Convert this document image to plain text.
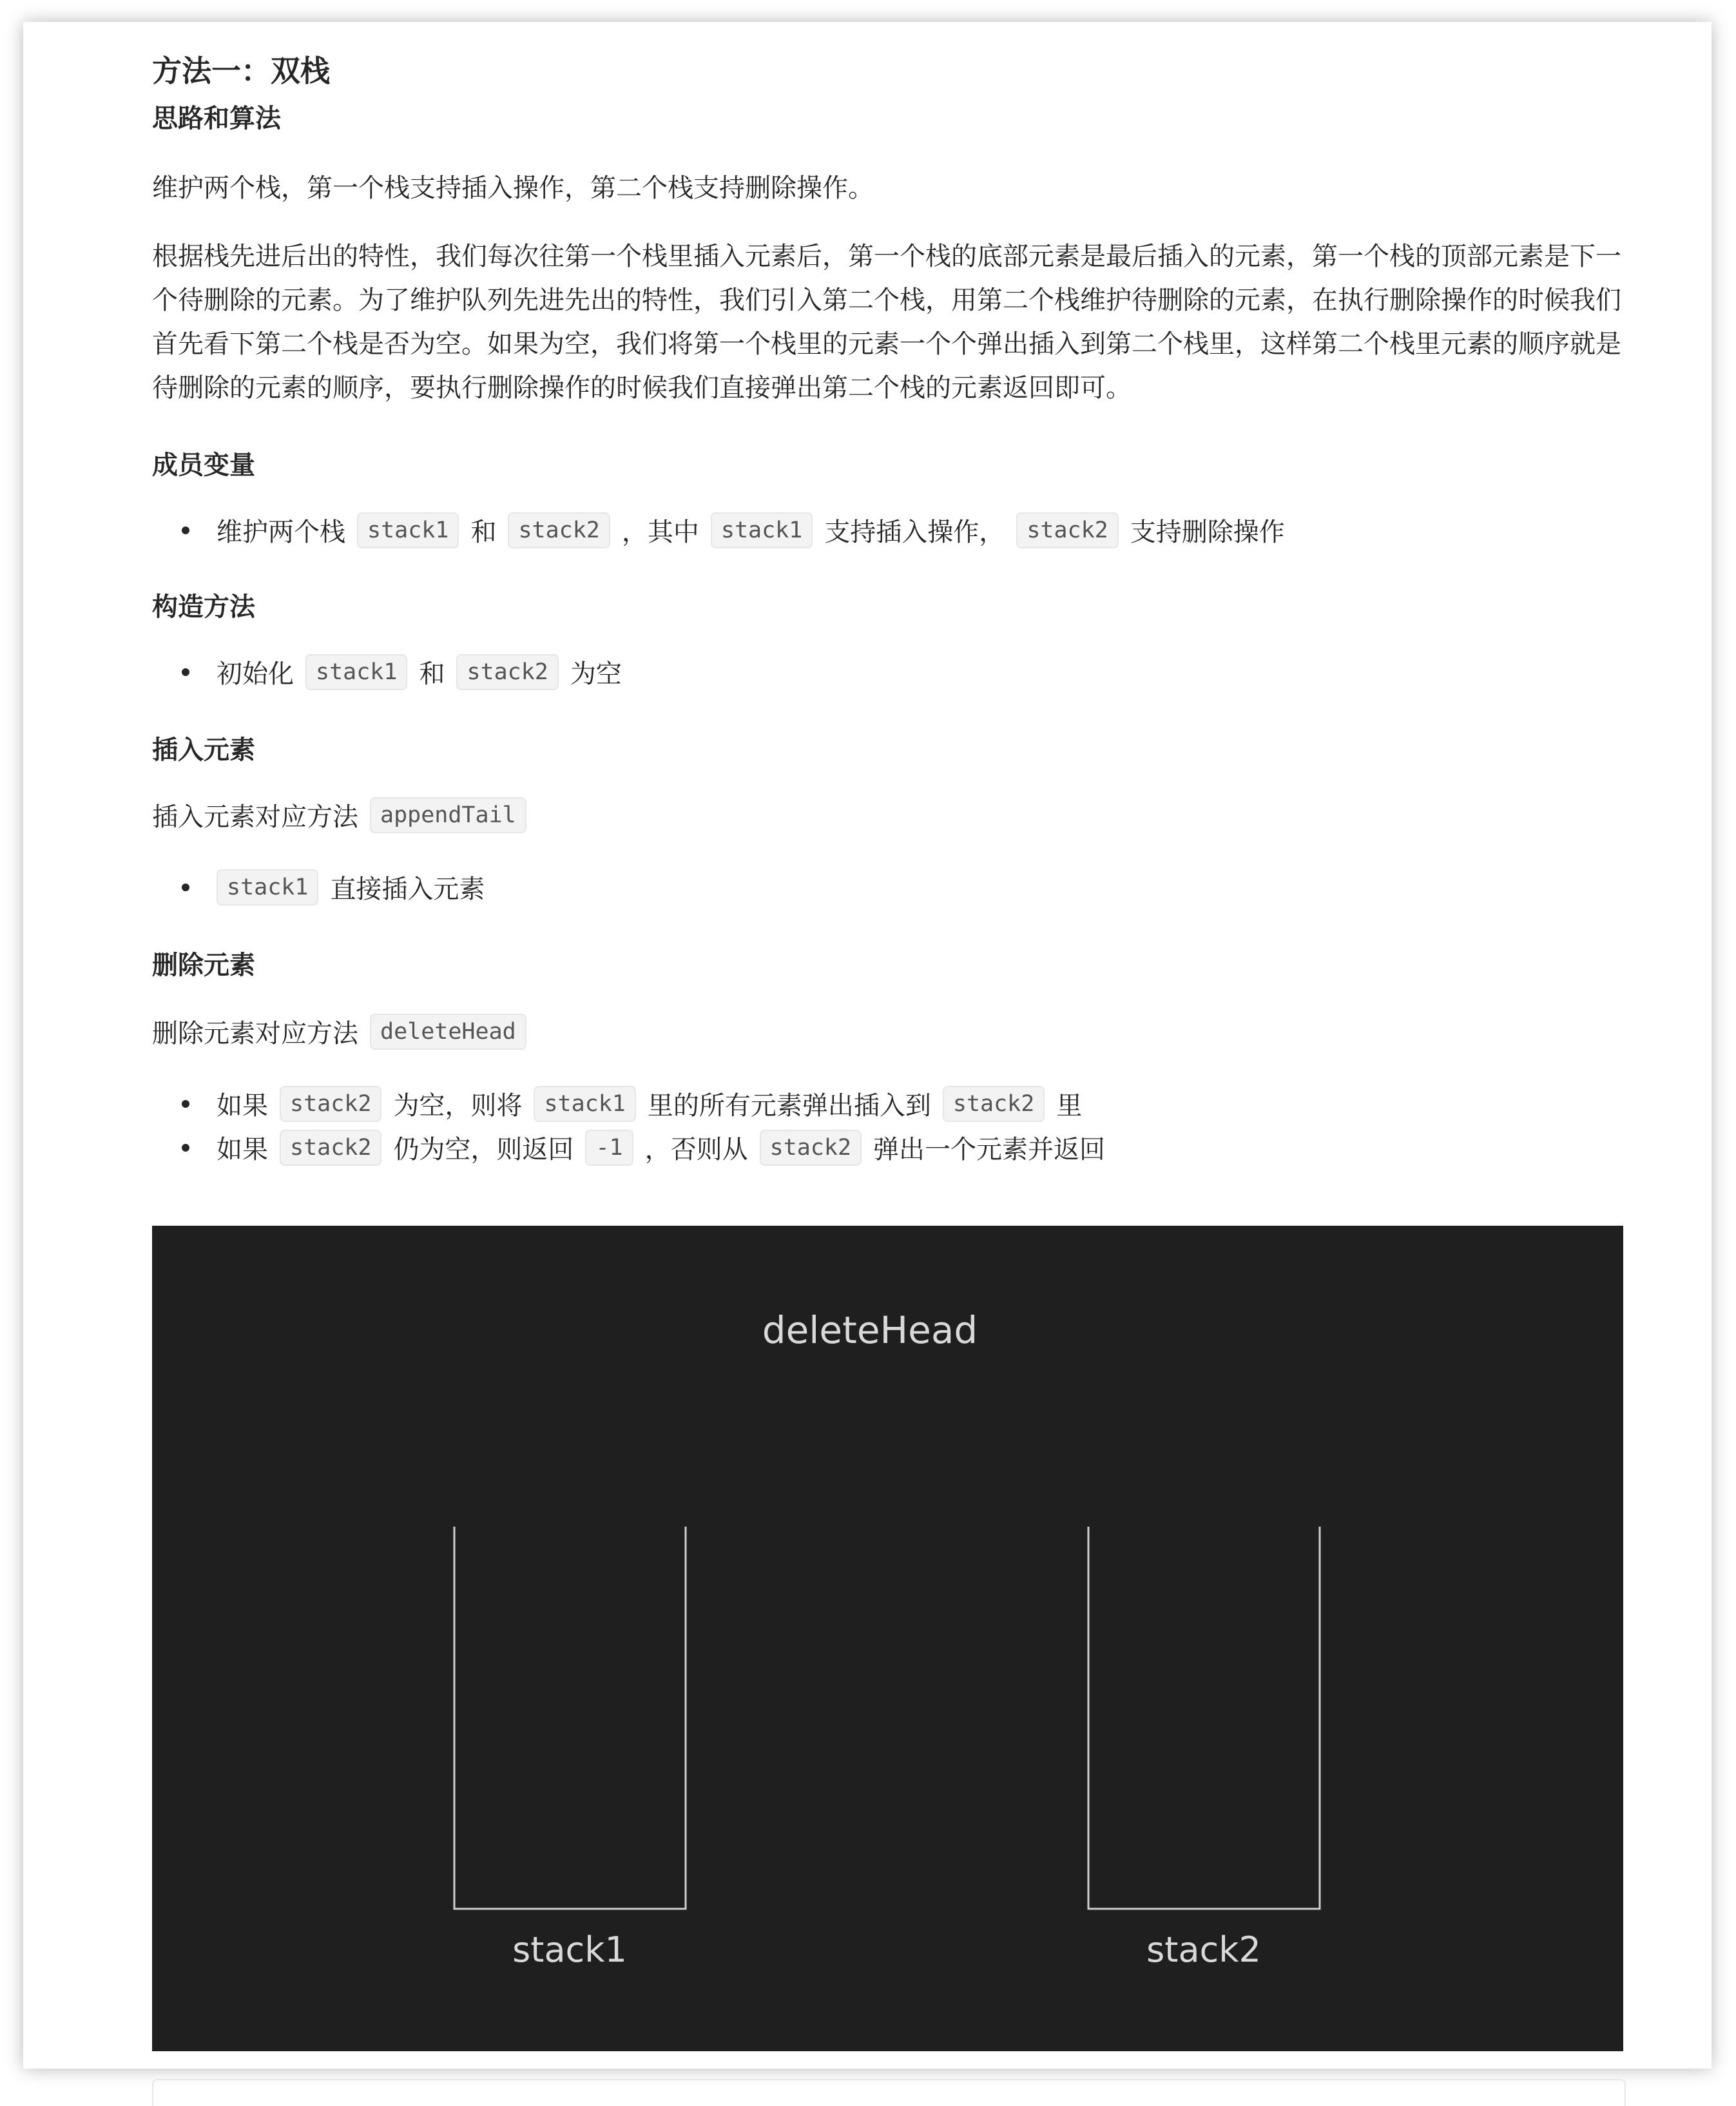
方法一：双栈
思路和算法
维护两个栈，第一个栈支持插入操作，第二个栈支持删除操作。
根据栈先进后出的特性，我们每次往第一个栈里插入元素后，第一个栈的底部元素是最后插入的元素，第一个栈的顶部元素是下一个待删除的元素。为了维护队列先进先出的特性，我们引入第二个栈，用第二个栈维护待删除的元素，在执行删除操作的时候我们首先看下第二个栈是否为空。如果为空，我们将第一个栈里的元素一个个弹出插入到第二个栈里，这样第二个栈里元素的顺序就是待删除的元素的顺序，要执行删除操作的时候我们直接弹出第二个栈的元素返回即可。
成员变量
维护两个栈 stack1 和 stack2 ，其中 stack1 支持插入操作， stack2 支持删除操作
构造方法
初始化 stack1 和 stack2 为空
插入元素
插入元素对应方法 appendTail
stack1 直接插入元素
删除元素
删除元素对应方法 deleteHead
如果 stack2 为空，则将 stack1 里的所有元素弹出插入到 stack2 里
如果 stack2 仍为空，则返回 -1 ，否则从 stack2 弹出一个元素并返回
deleteHead
stack1	stack2
